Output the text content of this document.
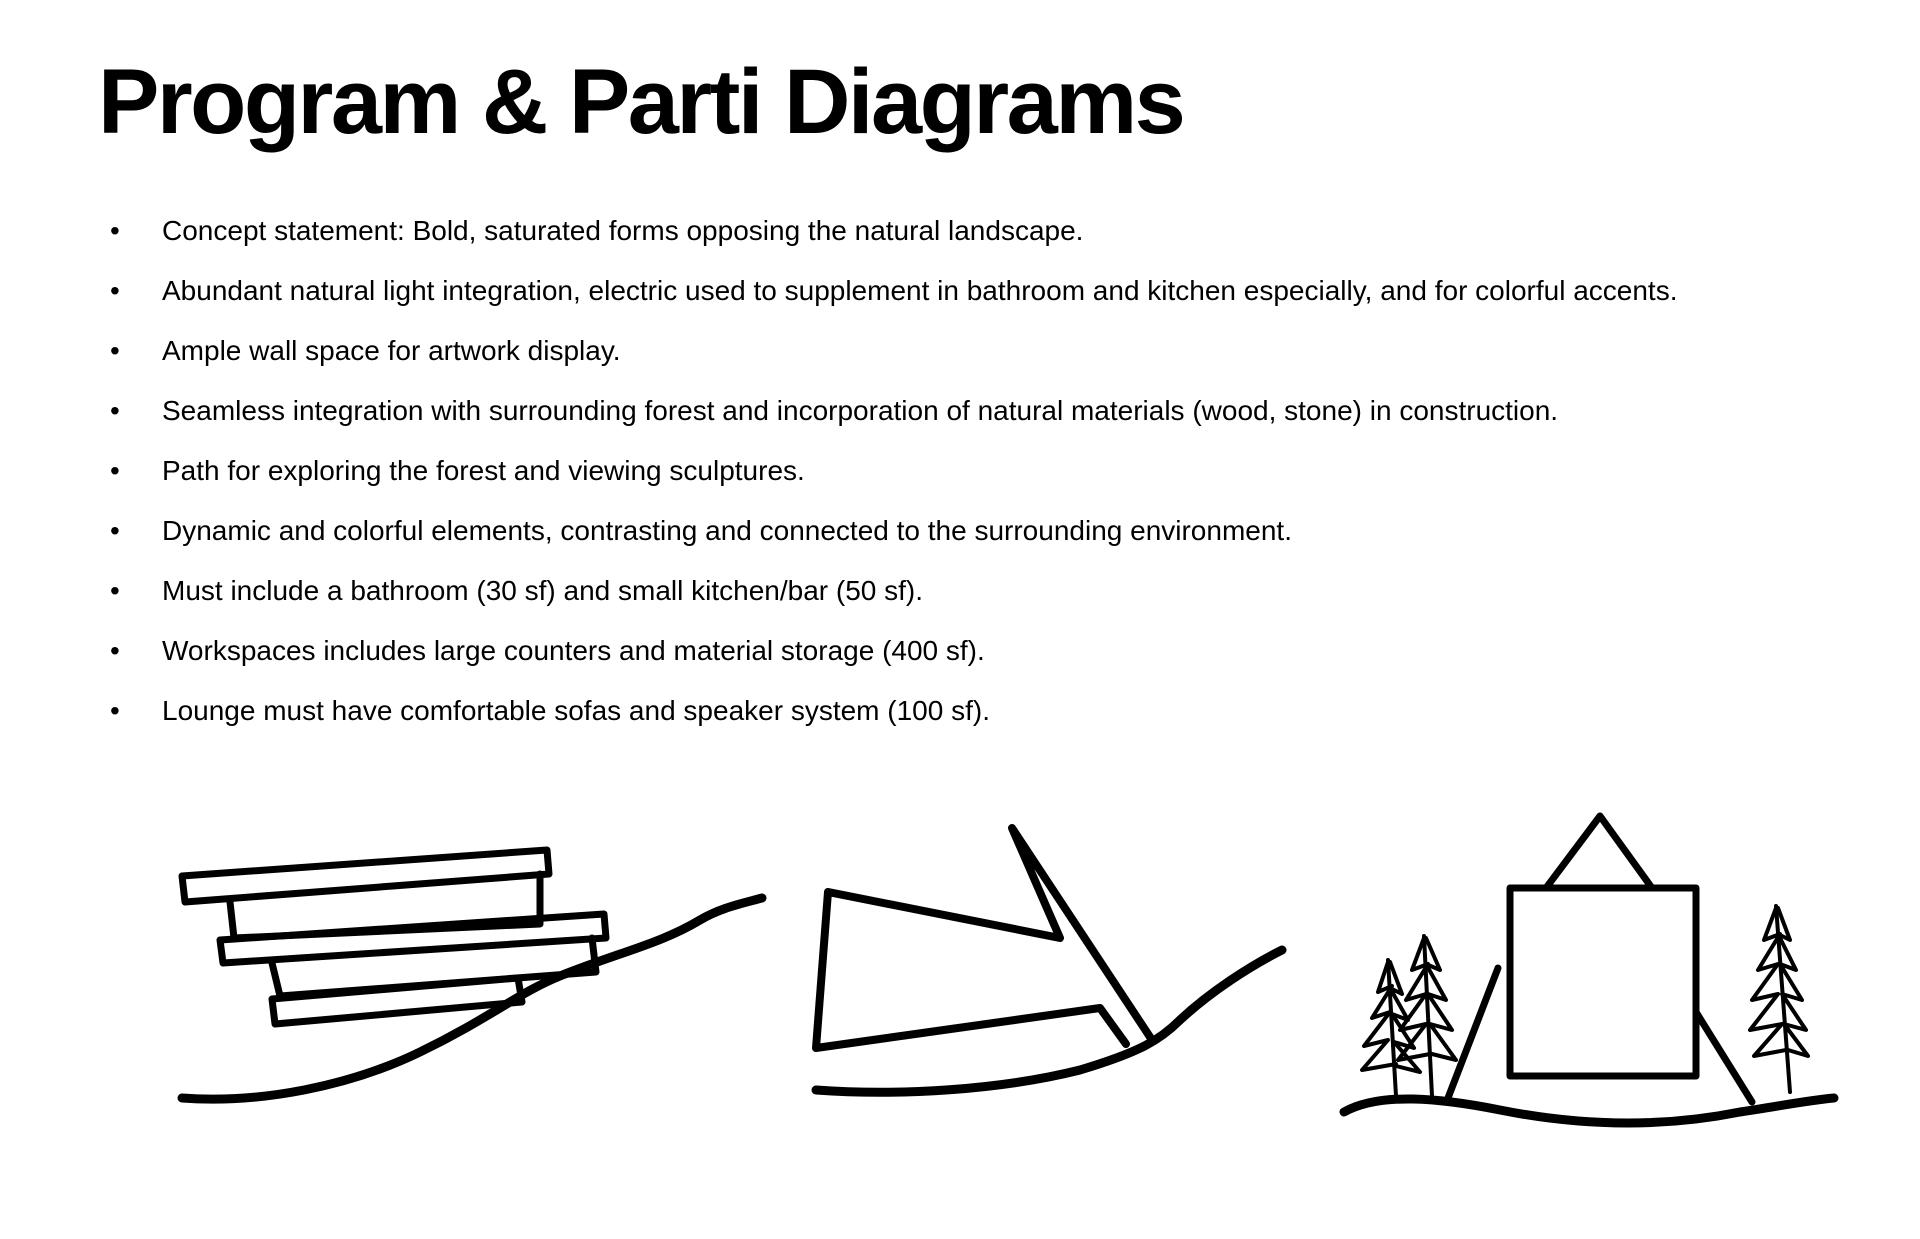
Program & Parti Diagrams
• Concept statement: Bold, saturated forms opposing the natural landscape.
• Abundant natural light integration, electric used to supplement in bathroom and kitchen especially, and for colorful accents.
• Ample wall space for artwork display.
• Seamless integration with surrounding forest and incorporation of natural materials (wood, stone) in construction.
• Path for exploring the forest and viewing sculptures.
• Dynamic and colorful elements, contrasting and connected to the surrounding environment.
• Must include a bathroom (30 sf) and small kitchen/bar (50 sf).
• Workspaces includes large counters and material storage (400 sf).
• Lounge must have comfortable sofas and speaker system (100 sf).
